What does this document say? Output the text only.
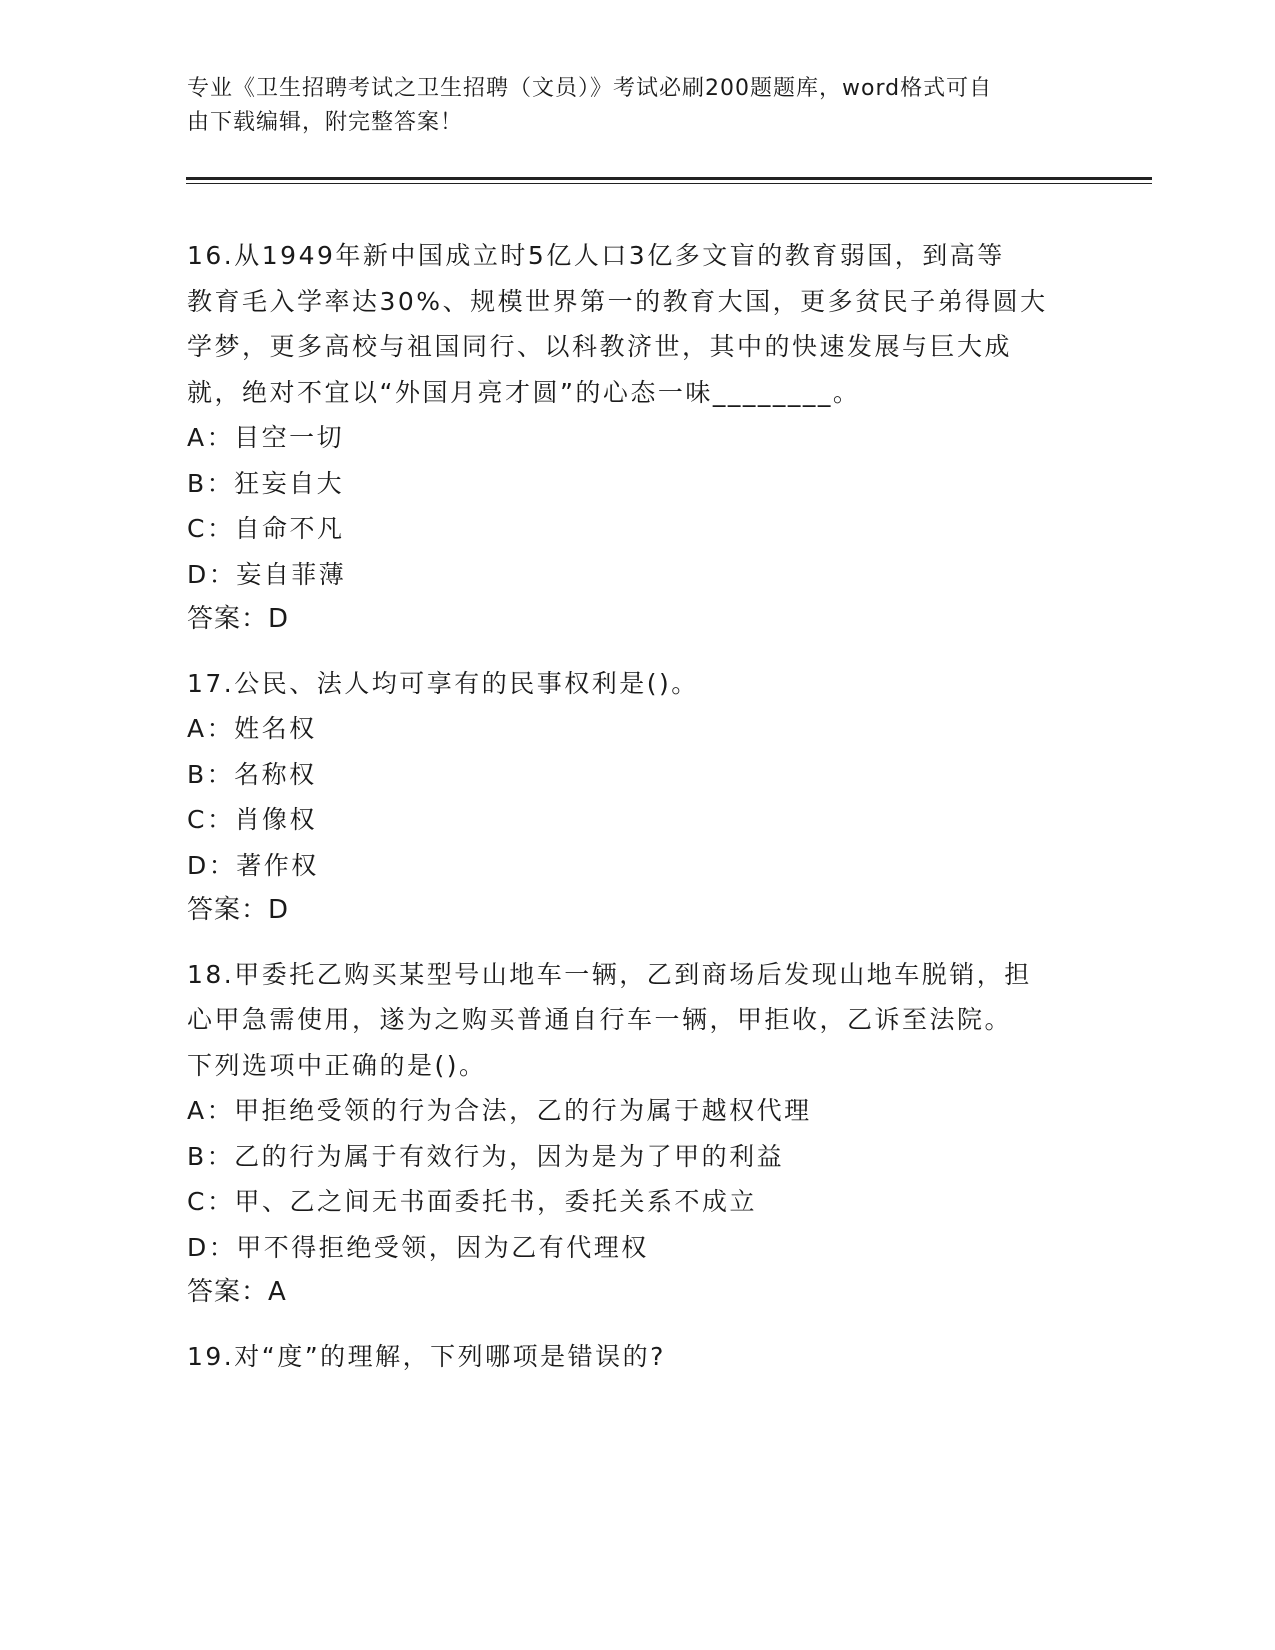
专业《卫生招聘考试之卫生招聘（文员）》考试必刷200题题库，word格式可自
由下载编辑，附完整答案！

16.从1949年新中国成立时5亿人口3亿多文盲的教育弱国，到高等

教育毛入学率达30%、规模世界第一的教育大国，更多贫民子弟得圆大

学梦，更多高校与祖国同行、以科教济世，其中的快速发展与巨大成

就，绝对不宜以“外国月亮才圆”的心态一味________。

A：目空一切

B：狂妄自大

C：自命不凡

D：妄自菲薄

答案：D

17.公民、法人均可享有的民事权利是()。

A：姓名权

B：名称权

C：肖像权

D：著作权

答案：D

18.甲委托乙购买某型号山地车一辆，乙到商场后发现山地车脱销，担

心甲急需使用，遂为之购买普通自行车一辆，甲拒收，乙诉至法院。

下列选项中正确的是()。

A：甲拒绝受领的行为合法，乙的行为属于越权代理

B：乙的行为属于有效行为，因为是为了甲的利益

C：甲、乙之间无书面委托书，委托关系不成立

D：甲不得拒绝受领，因为乙有代理权

答案：A

19.对“度”的理解，下列哪项是错误的?
